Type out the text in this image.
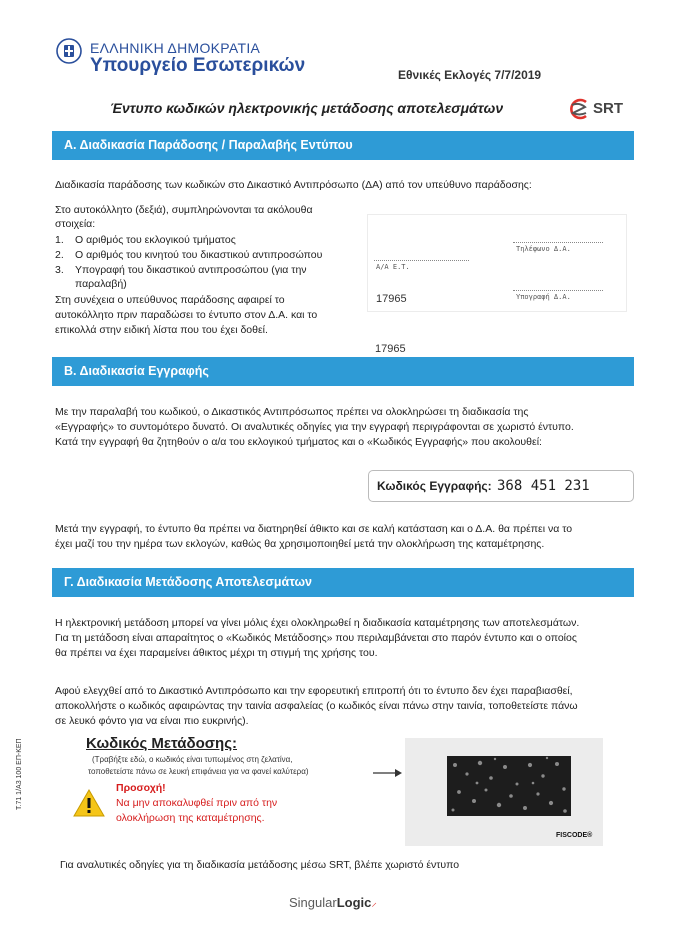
ΕΛΛΗΝΙΚΗ ΔΗΜΟΚΡΑΤΙΑ
Υπουργείο Εσωτερικών	Εθνικές Εκλογές 7/7/2019
Έντυπο κωδικών ηλεκτρονικής μετάδοσης αποτελεσμάτων	SRT
Α. Διαδικασία Παράδοσης / Παραλαβής Εντύπου
Διαδικασία παράδοσης των κωδικών στο Δικαστικό Αντιπρόσωπο (ΔΑ) από τον υπεύθυνο παράδοσης:
Στο αυτοκόλλητο (δεξιά), συμπληρώνονται τα ακόλουθα
στοιχεία:
1. Ο αριθμός του εκλογικού τμήματος
2. Ο αριθμός του κινητού του δικαστικού αντιπροσώπου
3. Υπογραφή του δικαστικού αντιπροσώπου (για την
παραλαβή)
Στη συνέχεια ο υπεύθυνος παράδοσης αφαιρεί το
αυτοκόλλητο πριν παραδώσει το έντυπο στον Δ.Α. και το
επικολλά στην ειδική λίστα που του έχει δοθεί.
Τηλέφωνο Δ.Α.
Α/Α Ε.Τ.
Υπογραφή Δ.Α.
17965
17965
Β. Διαδικασία Εγγραφής
Με την παραλαβή του κωδικού, ο Δικαστικός Αντιπρόσωπος πρέπει να ολοκληρώσει τη διαδικασία της
«Εγγραφής» το συντομότερο δυνατό. Οι αναλυτικές οδηγίες για την εγγραφή περιγράφονται σε χωριστό έντυπο.
Κατά την εγγραφή θα ζητηθούν ο α/α του εκλογικού τμήματος και ο «Κωδικός Εγγραφής» που ακολουθεί:
Κωδικός Εγγραφής: 368 451 231
Μετά την εγγραφή, το έντυπο θα πρέπει να διατηρηθεί άθικτο και σε καλή κατάσταση και ο Δ.Α. θα πρέπει να το
έχει μαζί του την ημέρα των εκλογών, καθώς θα χρησιμοποιηθεί μετά την ολοκλήρωση της καταμέτρησης.
Γ. Διαδικασία Μετάδοσης Αποτελεσμάτων
Η ηλεκτρονική μετάδοση μπορεί να γίνει μόλις έχει ολοκληρωθεί η διαδικασία καταμέτρησης των αποτελεσμάτων.
Για τη μετάδοση είναι απαραίτητος ο «Κωδικός Μετάδοσης» που περιλαμβάνεται στο παρόν έντυπο και ο οποίος
θα πρέπει να έχει παραμείνει άθικτος μέχρι τη στιγμή της χρήσης του.
Αφού ελεγχθεί από το Δικαστικό Αντιπρόσωπο και την εφορευτική επιτροπή ότι το έντυπο δεν έχει παραβιασθεί,
αποκολλήστε ο κωδικός αφαιρώντας την ταινία ασφαλείας (ο κωδικός είναι πάνω στην ταινία, τοποθετείστε πάνω
σε λευκό φόντο για να είναι πιο ευκρινής).
Κωδικός Μετάδοσης:
(Τραβήξτε εδώ, ο κωδικός είναι τυπωμένος στη ζελατίνα,
τοποθετείστε πάνω σε λευκή επιφάνεια για να φανεί καλύτερα)
Προσοχή!
Να μην αποκαλυφθεί πριν από την
ολοκλήρωση της καταμέτρησης.
FISCODE®
Για αναλυτικές οδηγίες για τη διαδικασία μετάδοσης μέσω SRT, βλέπε χωριστό έντυπο
Τ.71 1/A3 100 ΕΠ-ΚΕΠ
SingularLogic⸝
